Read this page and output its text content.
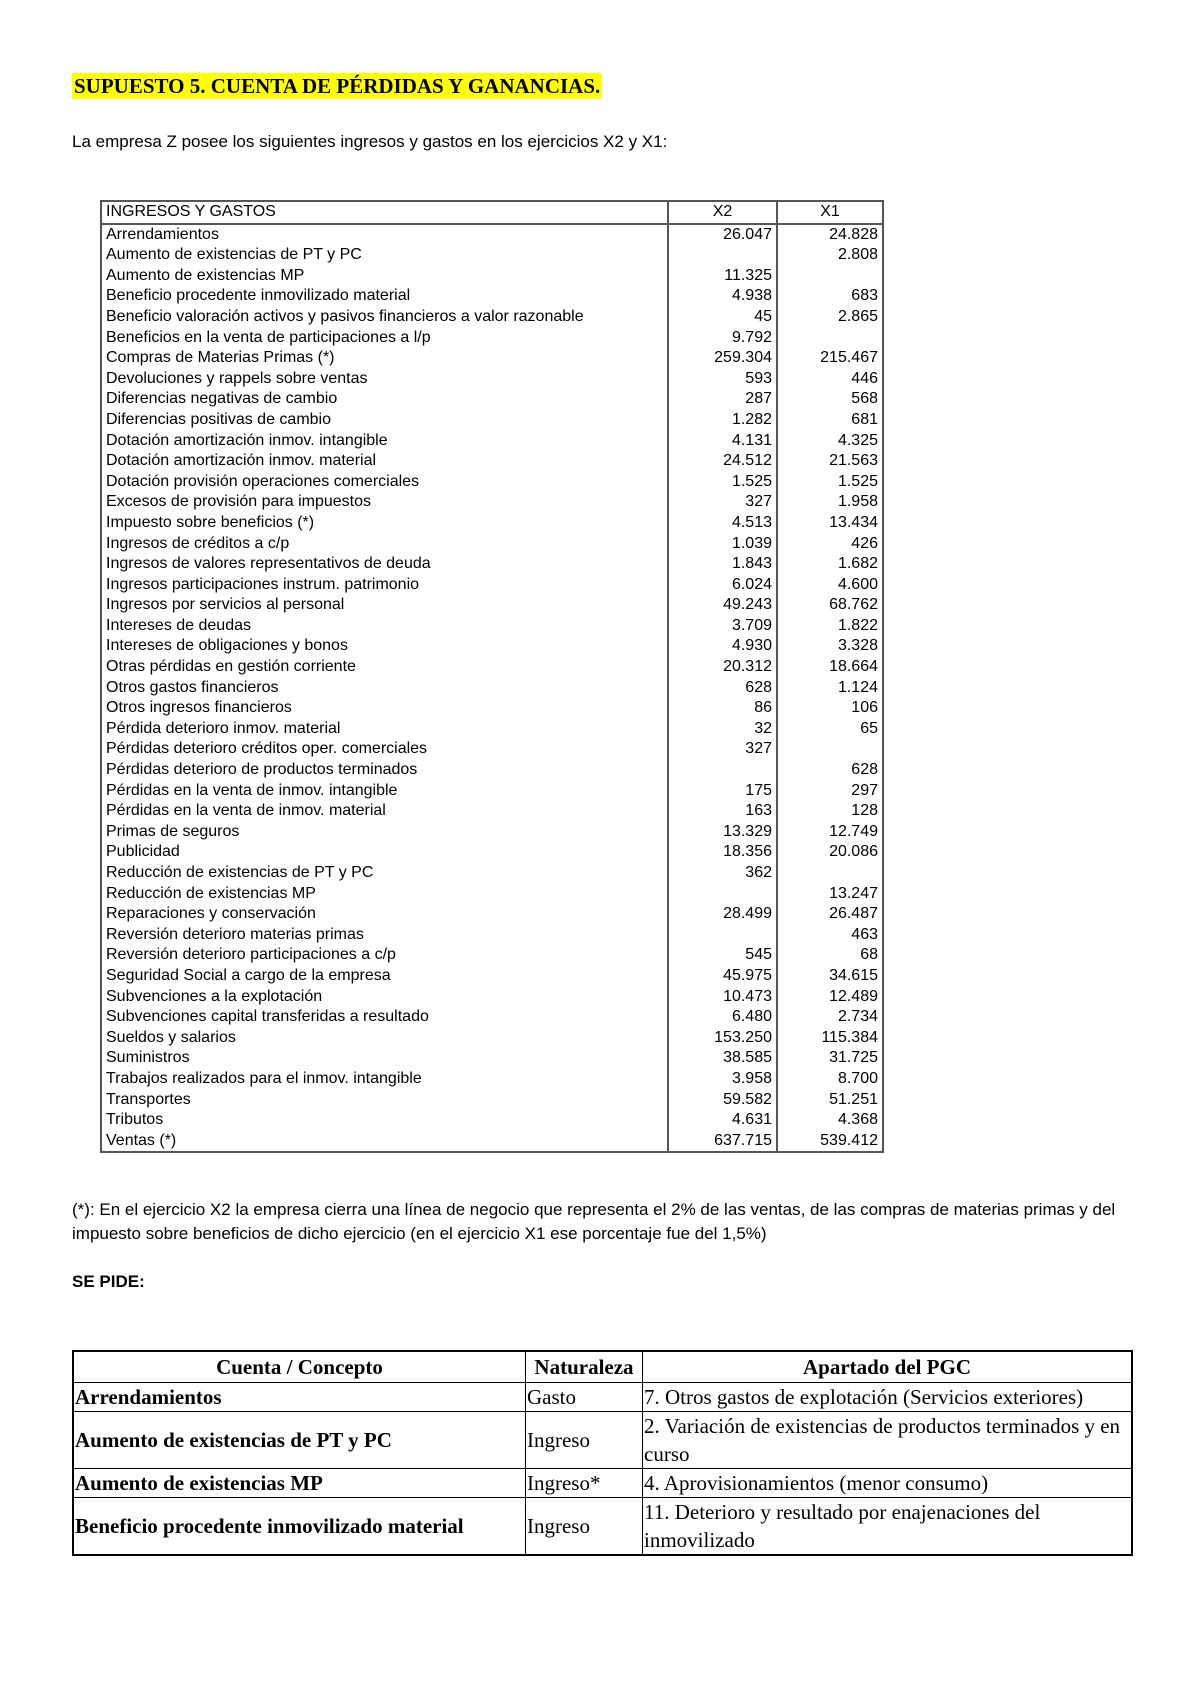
SUPUESTO 5. CUENTA DE PÉRDIDAS Y GANANCIAS.
La empresa Z posee los siguientes ingresos y gastos en los ejercicios X2 y X1:
INGRESOS Y GASTOS	X2	X1
Arrendamientos	26.047	24.828
Aumento de existencias de PT y PC		2.808
Aumento de existencias MP	11.325	
Beneficio procedente inmovilizado material	4.938	683
Beneficio valoración activos y pasivos financieros a valor razonable	45	2.865
Beneficios en la venta de participaciones a l/p	9.792	
Compras de Materias Primas (*)	259.304	215.467
Devoluciones y rappels sobre ventas	593	446
Diferencias negativas de cambio	287	568
Diferencias positivas de cambio	1.282	681
Dotación amortización inmov. intangible	4.131	4.325
Dotación amortización inmov. material	24.512	21.563
Dotación provisión operaciones comerciales	1.525	1.525
Excesos de provisión para impuestos	327	1.958
Impuesto sobre beneficios (*)	4.513	13.434
Ingresos de créditos a c/p	1.039	426
Ingresos de valores representativos de deuda	1.843	1.682
Ingresos participaciones instrum. patrimonio	6.024	4.600
Ingresos por servicios al personal	49.243	68.762
Intereses de deudas	3.709	1.822
Intereses de obligaciones y bonos	4.930	3.328
Otras pérdidas en gestión corriente	20.312	18.664
Otros gastos financieros	628	1.124
Otros ingresos financieros	86	106
Pérdida deterioro inmov. material	32	65
Pérdidas deterioro créditos oper. comerciales	327	
Pérdidas deterioro de productos terminados		628
Pérdidas en la venta de inmov. intangible	175	297
Pérdidas en la venta de inmov. material	163	128
Primas de seguros	13.329	12.749
Publicidad	18.356	20.086
Reducción de existencias de PT y PC	362	
Reducción de existencias MP		13.247
Reparaciones y conservación	28.499	26.487
Reversión deterioro materias primas		463
Reversión deterioro participaciones a c/p	545	68
Seguridad Social a cargo de la empresa	45.975	34.615
Subvenciones a la explotación	10.473	12.489
Subvenciones capital transferidas a resultado	6.480	2.734
Sueldos y salarios	153.250	115.384
Suministros	38.585	31.725
Trabajos realizados para el inmov. intangible	3.958	8.700
Transportes	59.582	51.251
Tributos	4.631	4.368
Ventas (*)	637.715	539.412
(*): En el ejercicio X2 la empresa cierra una línea de negocio que representa el 2% de las ventas, de las compras de materias primas y del impuesto sobre beneficios de dicho ejercicio (en el ejercicio X1 ese porcentaje fue del 1,5%)
SE PIDE:
Cuenta / Concepto	Naturaleza	Apartado del PGC
Arrendamientos	Gasto	7. Otros gastos de explotación (Servicios exteriores)
Aumento de existencias de PT y PC	Ingreso	2. Variación de existencias de productos terminados y en curso
Aumento de existencias MP	Ingreso*	4. Aprovisionamientos (menor consumo)
Beneficio procedente inmovilizado material	Ingreso	11. Deterioro y resultado por enajenaciones del inmovilizado
